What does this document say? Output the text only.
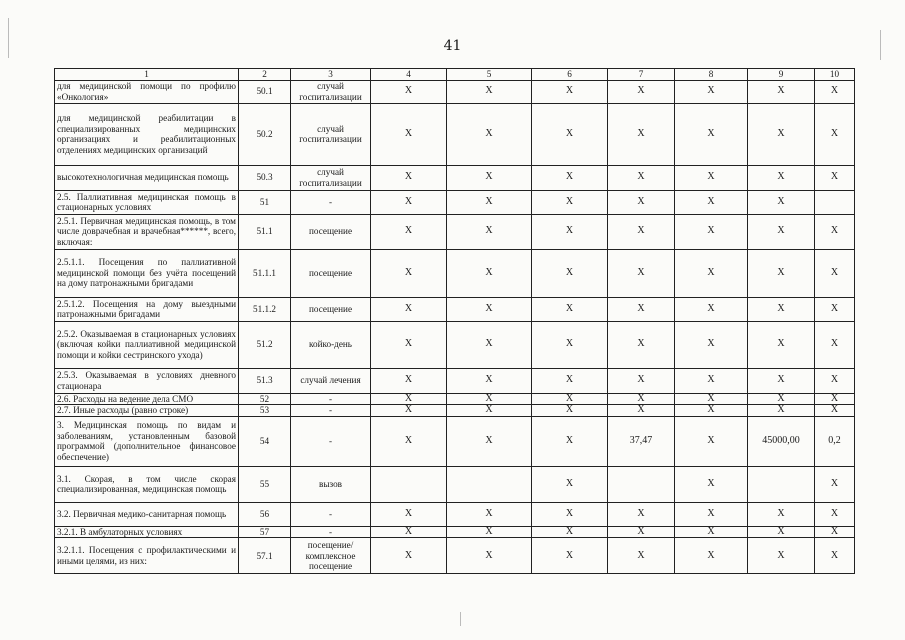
41
1	2	3	4	5	6	7	8	9	10
для медицинской помощи по профилю «Онкология»	50.1	случай госпитализации	X	X	X	X	X	X	X
для медицинской реабилитации в специализированных медицинских организациях и реабилитационных отделениях медицинских организаций	50.2	случай госпитализации	X	X	X	X	X	X	X
высокотехнологичная медицинская помощь	50.3	случай госпитализации	X	X	X	X	X	X	X
2.5. Паллиативная медицинская помощь в стационарных условиях	51	-	X	X	X	X	X	X	
2.5.1. Первичная медицинская помощь, в том числе доврачебная и врачебная******, всего, включая:	51.1	посещение	X	X	X	X	X	X	X
2.5.1.1. Посещения по паллиативной медицинской помощи без учёта посещений на дому патронажными бригадами	51.1.1	посещение	X	X	X	X	X	X	X
2.5.1.2. Посещения на дому выездными патронажными бригадами	51.1.2	посещение	X	X	X	X	X	X	X
2.5.2. Оказываемая в стационарных условиях (включая койки паллиативной медицинской помощи и койки сестринского ухода)	51.2	койко-день	X	X	X	X	X	X	X
2.5.3. Оказываемая в условиях дневного стационара	51.3	случай лечения	X	X	X	X	X	X	X
2.6. Расходы на ведение дела СМО	52	-	X	X	X	X	X	X	X
2.7. Иные расходы (равно строке)	53	-	X	X	X	X	X	X	X
3. Медицинская помощь по видам и заболеваниям, установленным базовой программой (дополнительное финансовое обеспечение)	54	-	X	X	X	37,47	X	45000,00	0,2
3.1. Скорая, в том числе скорая специализированная, медицинская помощь	55	вызов			X		X		X
3.2. Первичная медико-санитарная помощь	56	-	X	X	X	X	X	X	X
3.2.1. В амбулаторных условиях	57	-	X	X	X	X	X	X	X
3.2.1.1. Посещения с профилактическими и иными целями, из них:	57.1	посещение/ комплексное посещение	X	X	X	X	X	X	X
